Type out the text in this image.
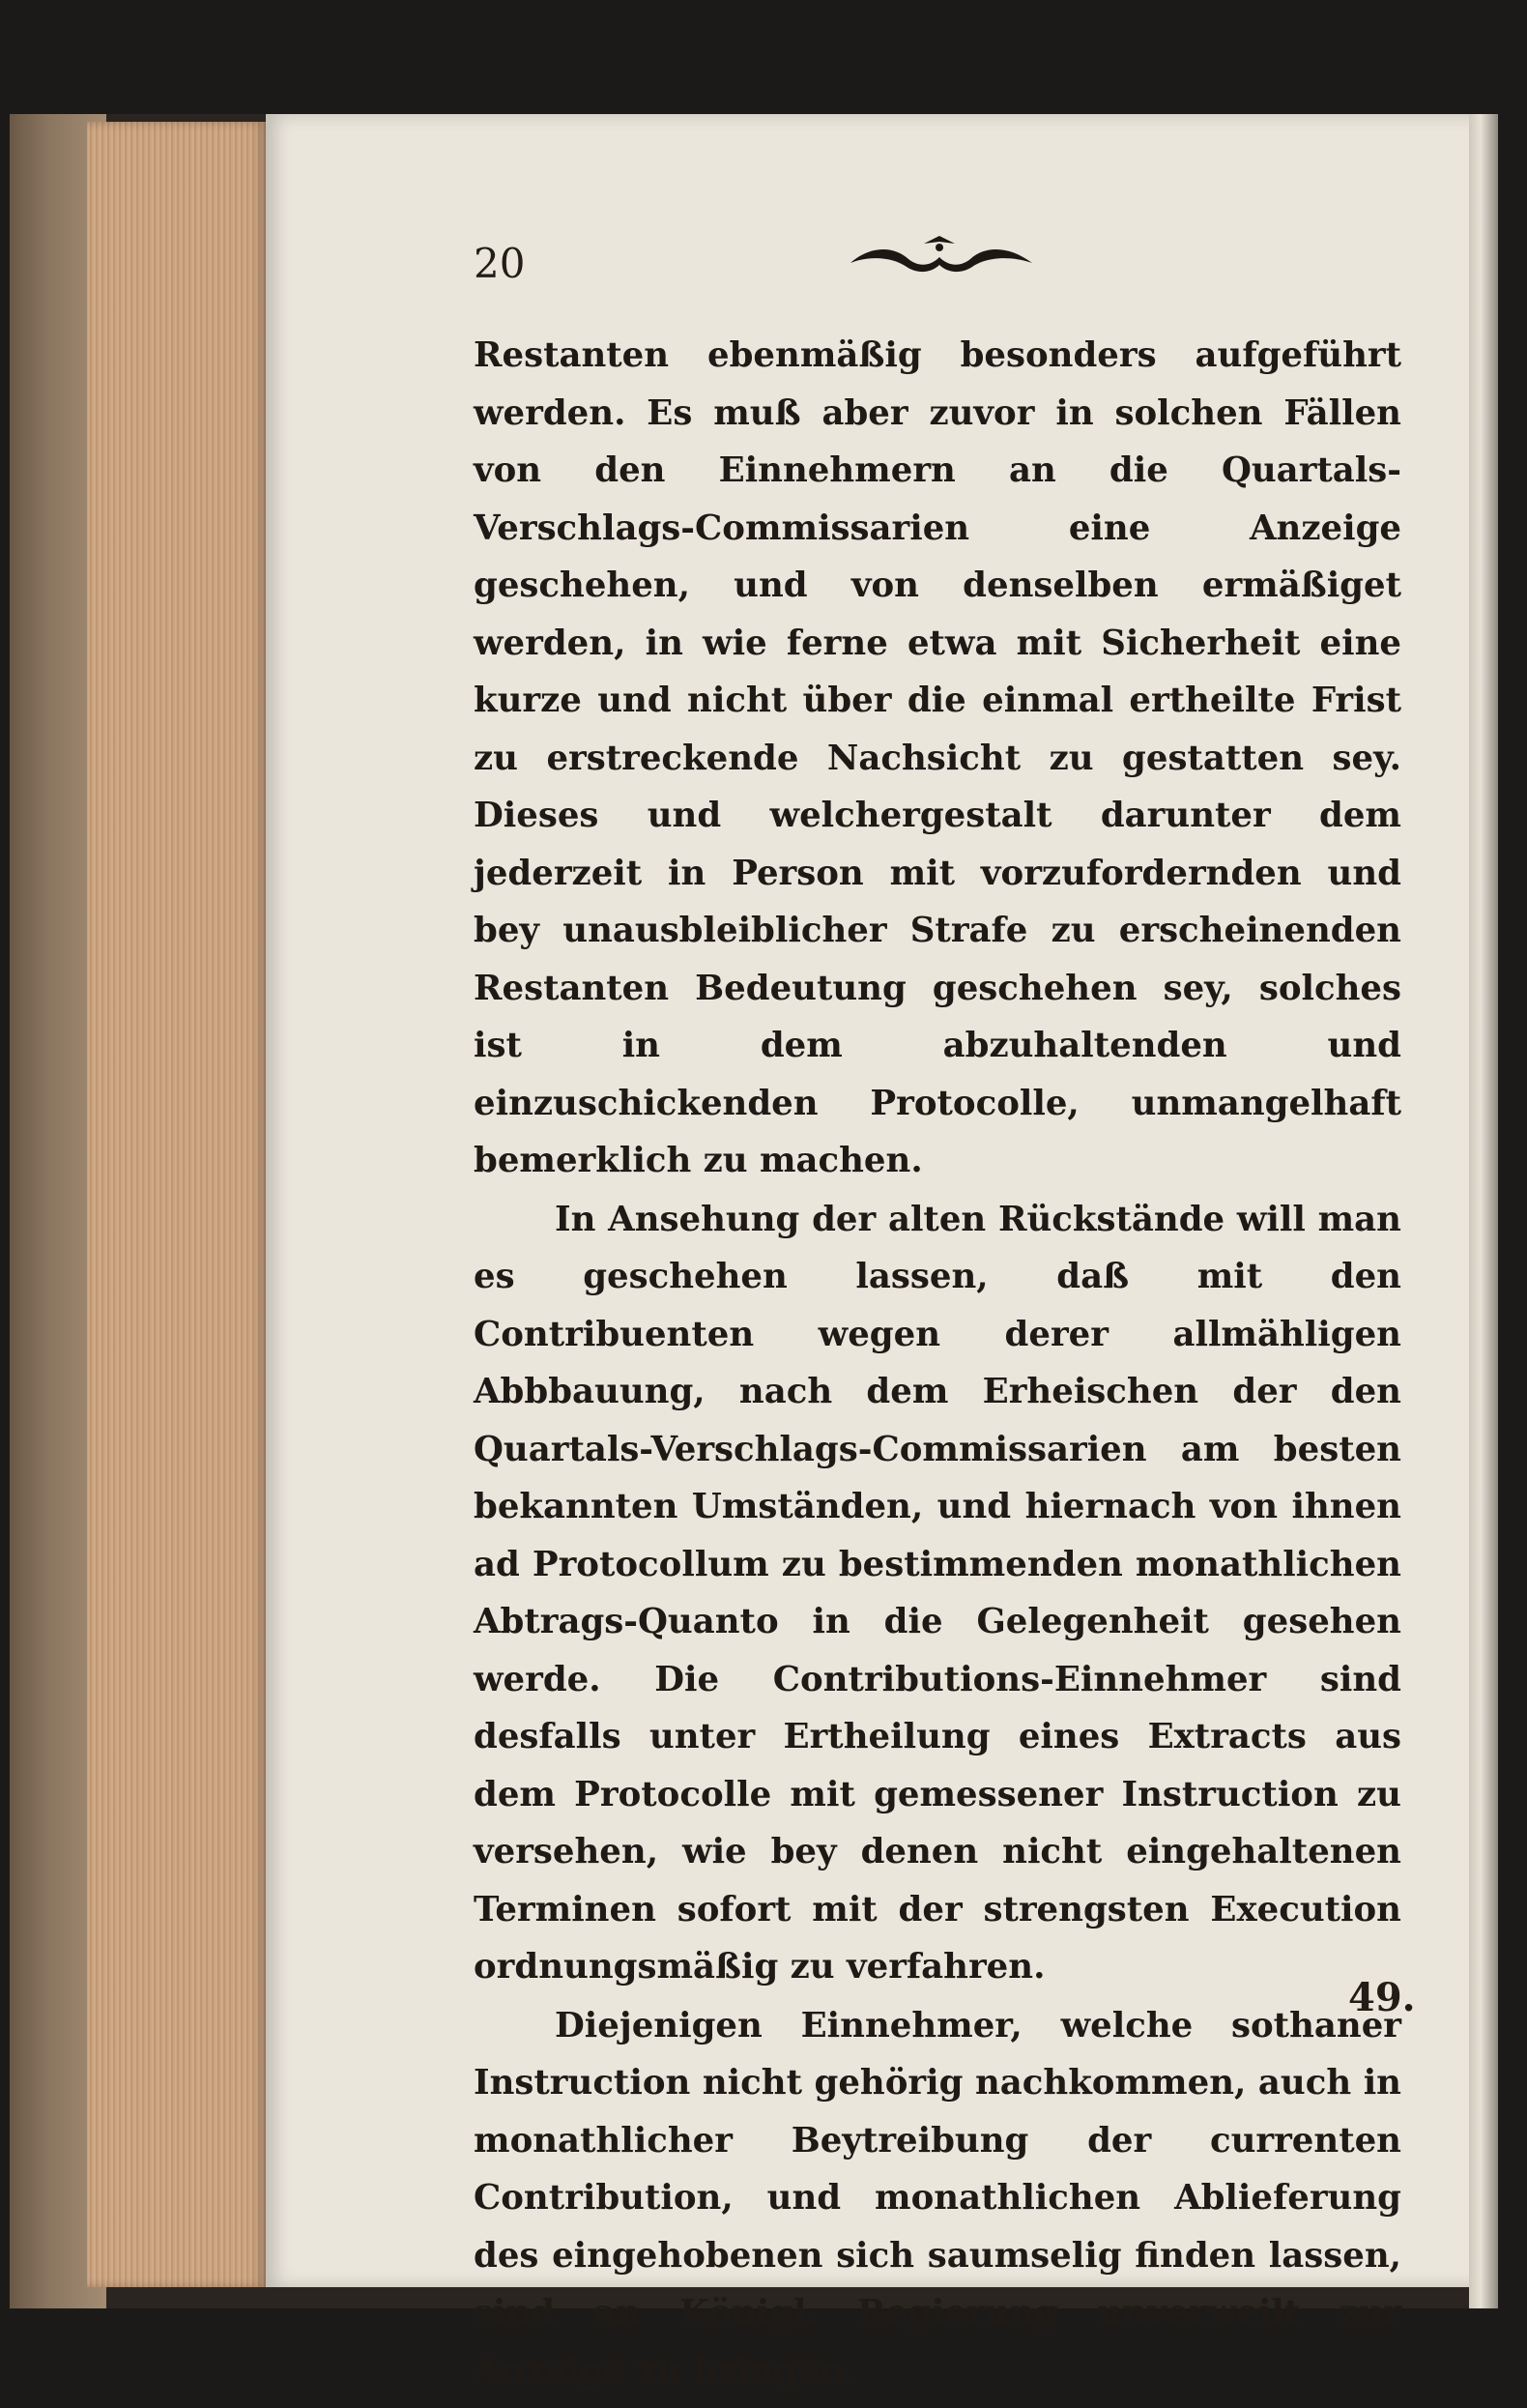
20

Restanten ebenmäßig besonders aufgeführt werden. Es muß aber zuvor in solchen Fällen von den Einnehmern an die Quartals-Verschlags-Commissarien eine Anzeige geschehen, und von denselben ermäßiget werden, in wie ferne etwa mit Sicherheit eine kurze und nicht über die einmal ertheilte Frist zu erstreckende Nachsicht zu gestatten sey. Dieses und welchergestalt darunter dem jederzeit in Person mit vorzufordernden und bey unausbleiblicher Strafe zu erscheinenden Restanten Bedeutung geschehen sey, solches ist in dem abzuhaltenden und einzuschickenden Protocolle, unmangelhaft bemerklich zu machen.

In Ansehung der alten Rückstände will man es geschehen lassen, daß mit den Contribuenten wegen derer allmähligen Abbbauung, nach dem Erheischen der den Quartals-Verschlags-Commissarien am besten bekannten Umständen, und hiernach von ihnen ad Protocollum zu bestimmenden monathlichen Abtrags-Quanto in die Gelegenheit gesehen werde. Die Contributions-Einnehmer sind desfalls unter Ertheilung eines Extracts aus dem Protocolle mit gemessener Instruction zu versehen, wie bey denen nicht eingehaltenen Terminen sofort mit der strengsten Execution ordnungsmäßig zu verfahren.

Diejenigen Einnehmer, welche sothaner Instruction nicht gehörig nachkommen, auch in monathlicher Beytreibung der currenten Contribution, und monathlichen Ablieferung des eingehobenen sich saumselig finden lassen, sind an Königl. Regierung unverweilt zur Anzeige zu bringen.

49.
